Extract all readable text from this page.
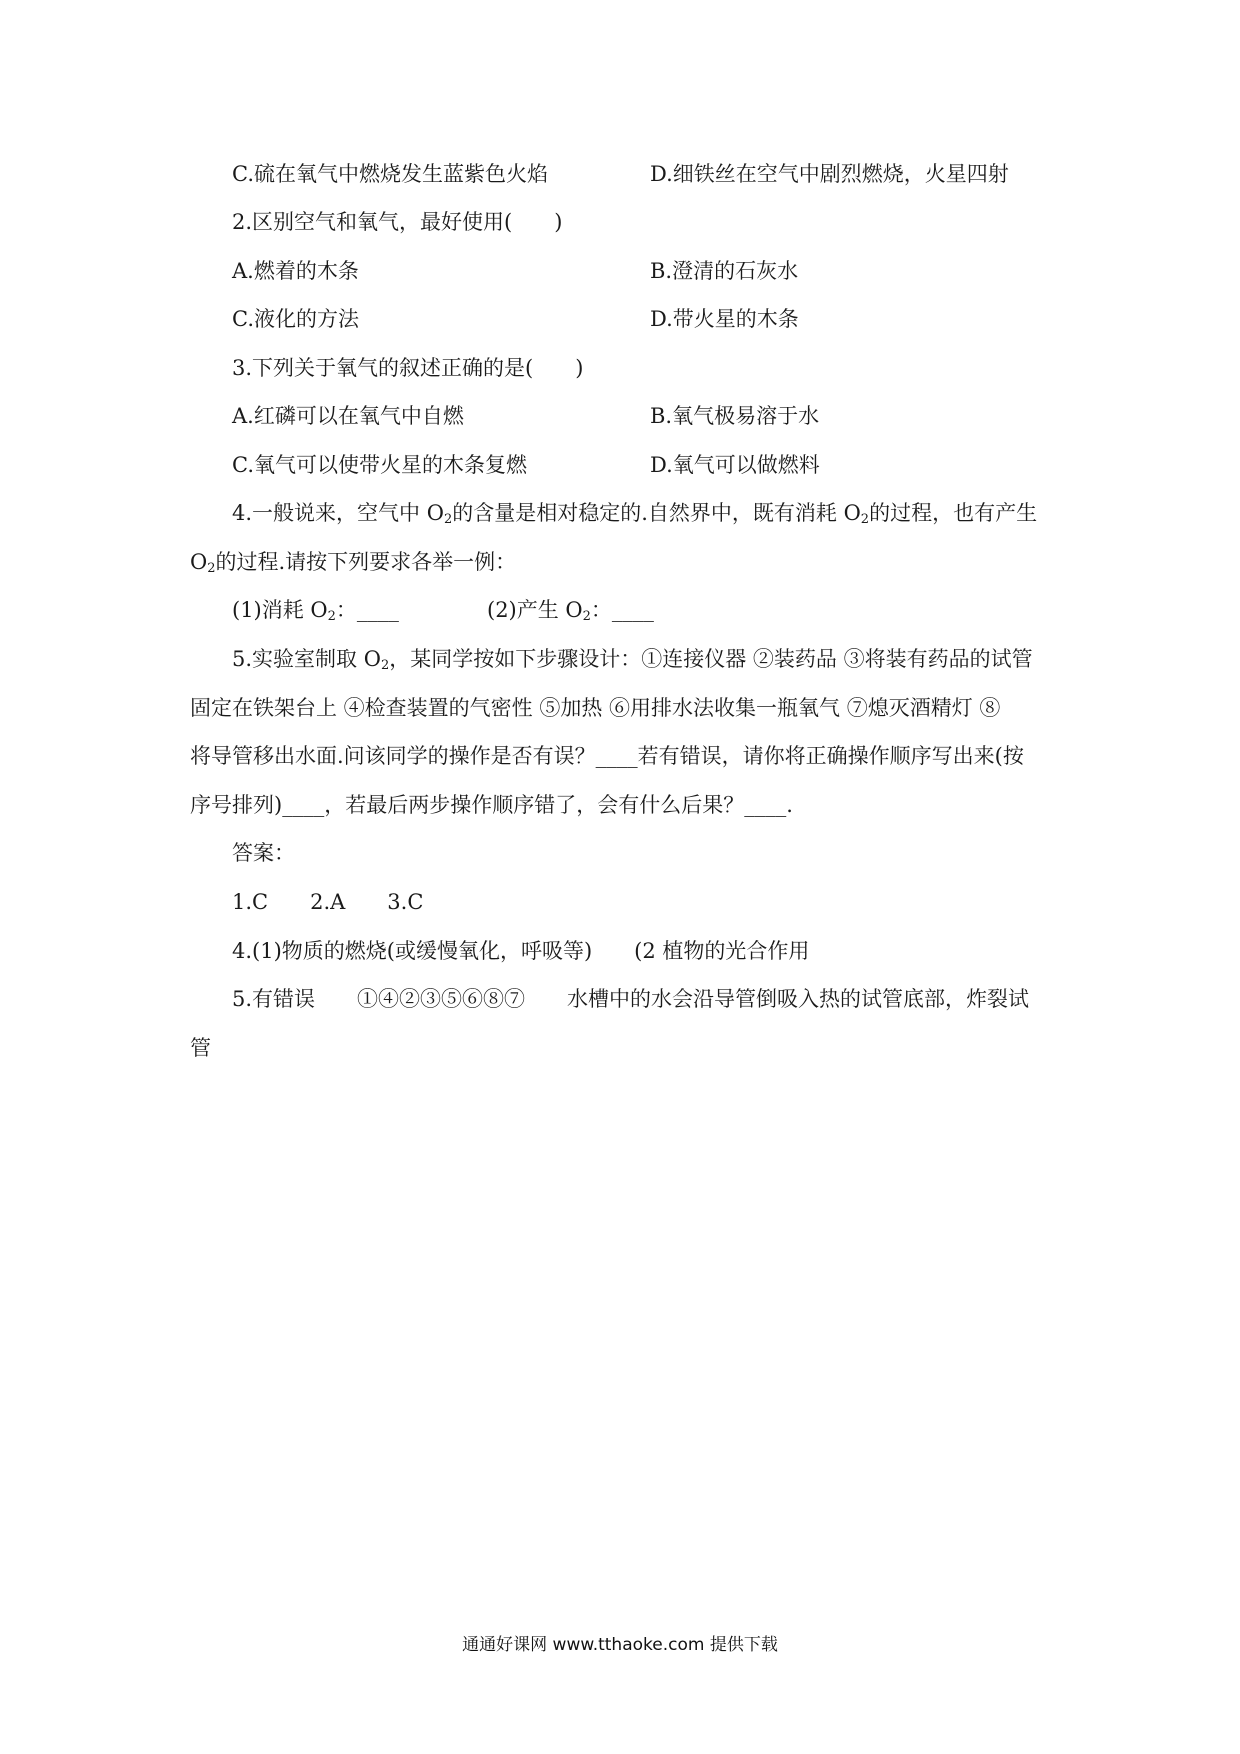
C.硫在氧气中燃烧发生蓝紫色火焰	D.细铁丝在空气中剧烈燃烧，火星四射
2.区别空气和氧气，最好使用(　　)
A.燃着的木条	B.澄清的石灰水
C.液化的方法	D.带火星的木条
3.下列关于氧气的叙述正确的是(　　)
A.红磷可以在氧气中自燃	B.氧气极易溶于水
C.氧气可以使带火星的木条复燃	D.氧气可以做燃料
4.一般说来，空气中 $O_2$的含量是相对稳定的.自然界中，既有消耗 $O_2$的过程，也有产生
$O_2$的过程.请按下列要求各举一例：
(1)消耗 $O_2$：____	(2)产生 $O_2$：____
5.实验室制取 $O_2$，某同学按如下步骤设计：①连接仪器 ②装药品 ③将装有药品的试管
固定在铁架台上 ④检查装置的气密性 ⑤加热 ⑥用排水法收集一瓶氧气 ⑦熄灭酒精灯 ⑧
将导管移出水面.问该同学的操作是否有误？____若有错误，请你将正确操作顺序写出来(按
序号排列)____，若最后两步操作顺序错了，会有什么后果？____.
答案：
1.C　　2.A　　3.C
4.(1)物质的燃烧(或缓慢氧化，呼吸等)　　(2 植物的光合作用
5.有错误　　①④②③⑤⑥⑧⑦　　水槽中的水会沿导管倒吸入热的试管底部，炸裂试
管
通通好课网 www.tthaoke.com 提供下载
